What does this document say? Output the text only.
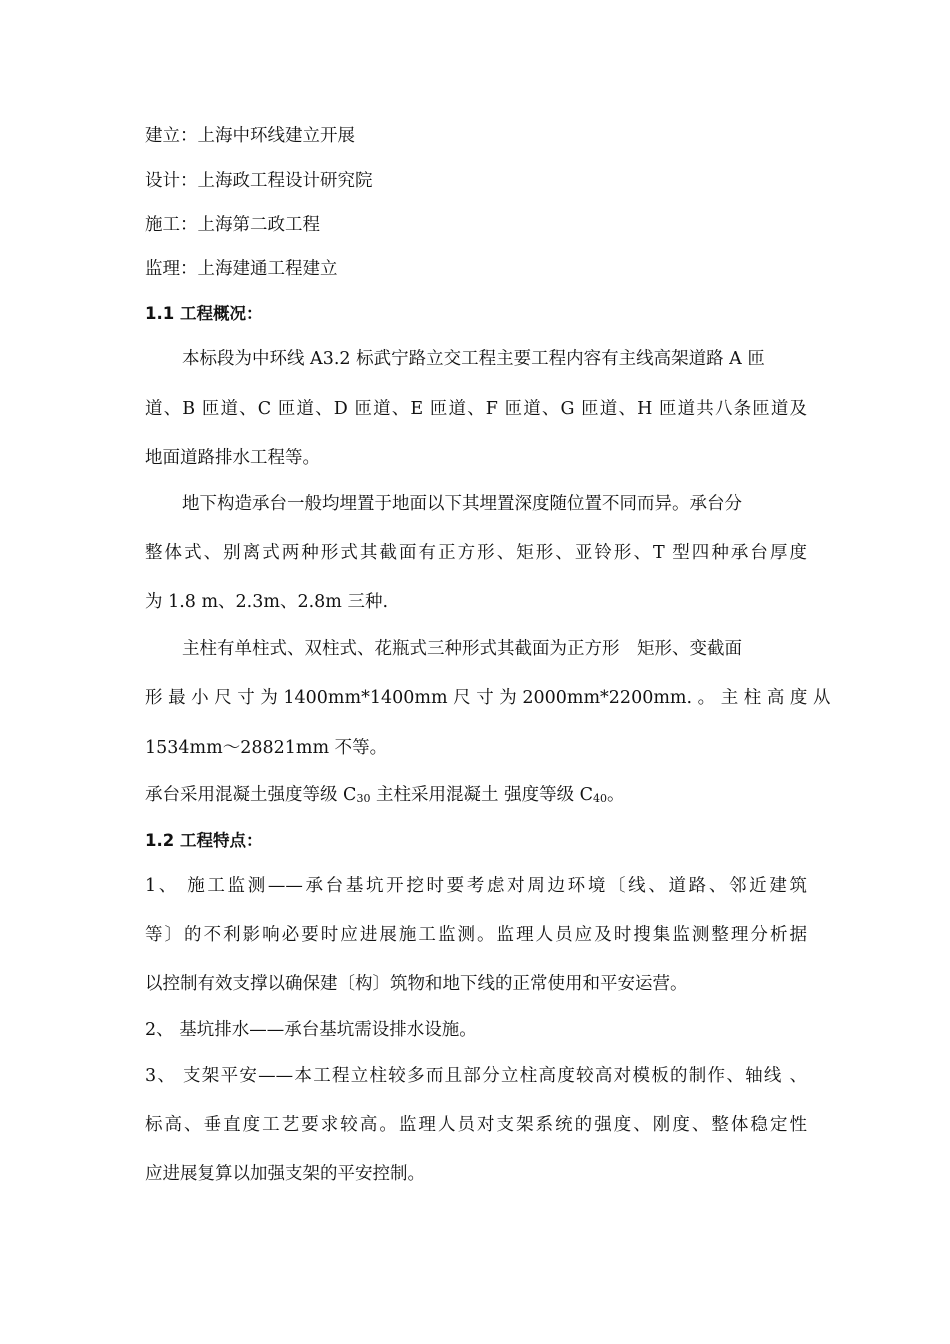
建立：上海中环线建立开展
设计：上海政工程设计研究院
施工：上海第二政工程
监理：上海建通工程建立
1.1 工程概况：
本标段为中环线 A3.2 标武宁路立交工程主要工程内容有主线高架道路 A 匝
道、B 匝道、C 匝道、D 匝道、E 匝道、F 匝道、G 匝道、H 匝道共八条匝道及
地面道路排水工程等。
地下构造承台一般均埋置于地面以下其埋置深度随位置不同而异。承台分
整体式、别离式两种形式其截面有正方形、矩形、亚铃形、T 型四种承台厚度
为 1.8 m、2.3m、2.8m 三种.
主柱有单柱式、双柱式、花瓶式三种形式其截面为正方形　矩形、变截面
形 最 小 尺 寸 为 1400mm*1400mm 尺 寸 为 2000mm*2200mm. 。 主 柱 高 度 从
1534mm～28821mm 不等。
承台采用混凝土强度等级 $C_{30}$ 主柱采用混凝土 强度等级 $C_{40}$。
1.2 工程特点：
1、 施工监测——承台基坑开挖时要考虑对周边环境〔线、道路、邻近建筑
等〕的不利影响必要时应进展施工监测。监理人员应及时搜集监测整理分析据
以控制有效支撑以确保建〔构〕筑物和地下线的正常使用和平安运营。
2、 基坑排水——承台基坑需设排水设施。
3、 支架平安——本工程立柱较多而且部分立柱高度较高对模板的制作、轴线 、
标高、垂直度工艺要求较高。监理人员对支架系统的强度、刚度、整体稳定性
应进展复算以加强支架的平安控制。
